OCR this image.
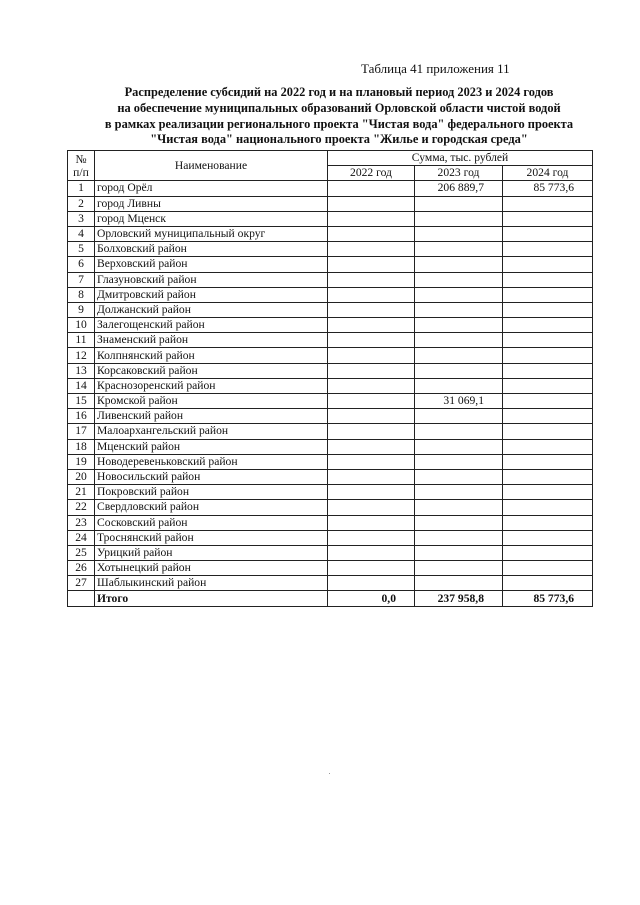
Таблица 41 приложения 11
Распределение субсидий на 2022 год и на плановый период 2023 и 2024 годов
на обеспечение муниципальных образований Орловской области чистой водой
в рамках реализации регионального проекта "Чистая вода" федерального проекта
"Чистая вода" национального проекта "Жилье и городская среда"
№
п/п	Наименование	Сумма, тыс. рублей		
		2022 год	2023 год	2024 год
1	город Орёл		206 889,7	85 773,6
2	город Ливны			
3	город Мценск			
4	Орловский муниципальный округ			
5	Болховский район			
6	Верховский район			
7	Глазуновский район			
8	Дмитровский район			
9	Должанский район			
10	Залегощенский район			
11	Знаменский район			
12	Колпнянский район			
13	Корсаковский район			
14	Краснозоренский район			
15	Кромской район		31 069,1	
16	Ливенский район			
17	Малоархангельский район			
18	Мценский район			
19	Новодеревеньковский район			
20	Новосильский район			
21	Покровский район			
22	Свердловский район			
23	Сосковский район			
24	Троснянский район			
25	Урицкий район			
26	Хотынецкий район			
27	Шаблыкинский район			
	Итого	0,0	237 958,8	85 773,6
